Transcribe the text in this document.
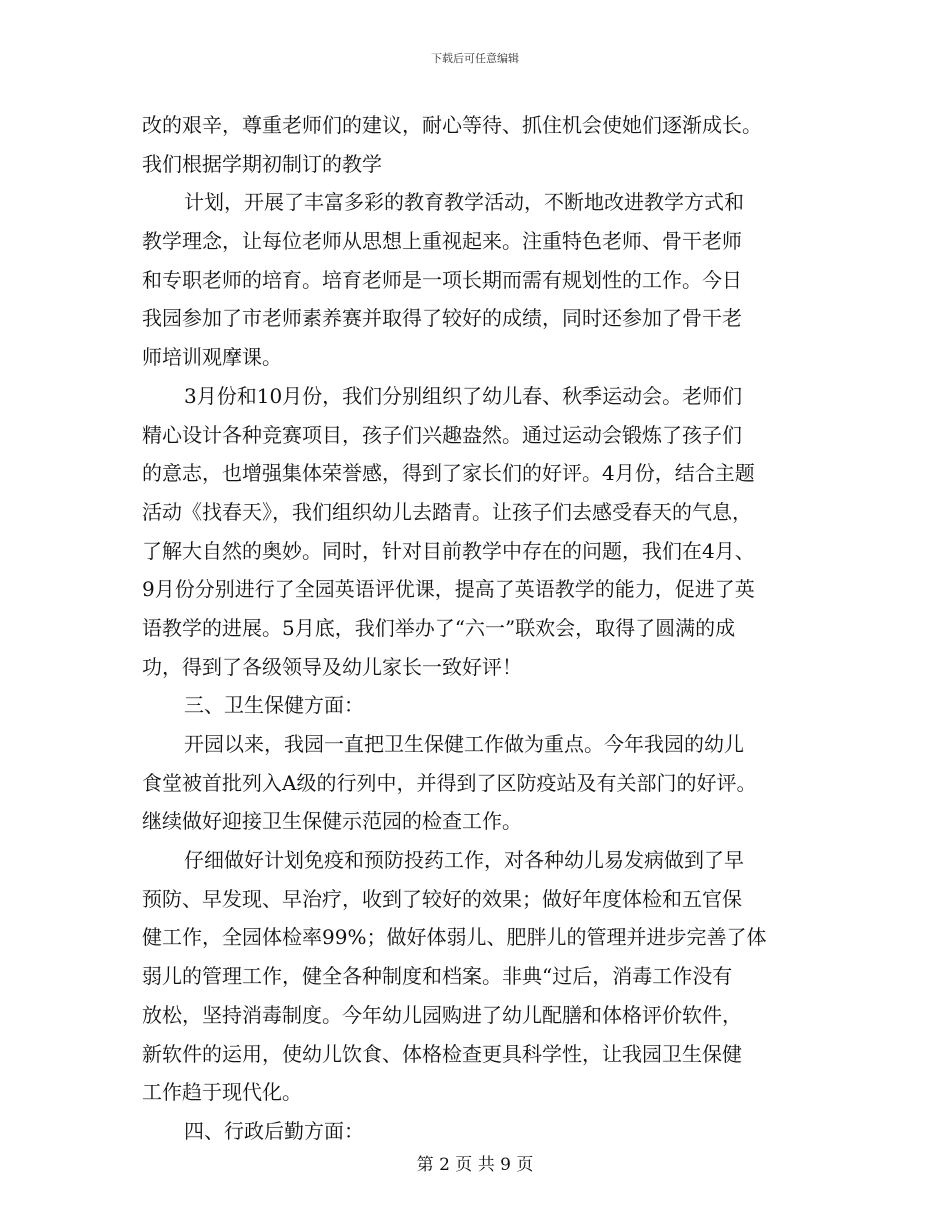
下载后可任意编辑
改的艰辛，尊重老师们的建议，耐心等待、抓住机会使她们逐渐成长。
我们根据学期初制订的教学
计划，开展了丰富多彩的教育教学活动，不断地改进教学方式和
教学理念，让每位老师从思想上重视起来。注重特色老师、骨干老师
和专职老师的培育。培育老师是一项长期而需有规划性的工作。今日
我园参加了市老师素养赛并取得了较好的成绩，同时还参加了骨干老
师培训观摩课。
3月份和10月份，我们分别组织了幼儿春、秋季运动会。老师们
精心设计各种竞赛项目，孩子们兴趣盎然。通过运动会锻炼了孩子们
的意志，也增强集体荣誉感，得到了家长们的好评。4月份，结合主题
活动《找春天》，我们组织幼儿去踏青。让孩子们去感受春天的气息，
了解大自然的奥妙。同时，针对目前教学中存在的问题，我们在4月、
9月份分别进行了全园英语评优课，提高了英语教学的能力，促进了英
语教学的进展。5月底，我们举办了“六一”联欢会，取得了圆满的成
功，得到了各级领导及幼儿家长一致好评！
三、卫生保健方面：
开园以来，我园一直把卫生保健工作做为重点。今年我园的幼儿
食堂被首批列入A级的行列中，并得到了区防疫站及有关部门的好评。
继续做好迎接卫生保健示范园的检查工作。
仔细做好计划免疫和预防投药工作，对各种幼儿易发病做到了早
预防、早发现、早治疗，收到了较好的效果；做好年度体检和五官保
健工作，全园体检率99%；做好体弱儿、肥胖儿的管理并进步完善了体
弱儿的管理工作，健全各种制度和档案。非典“过后，消毒工作没有
放松，坚持消毒制度。今年幼儿园购进了幼儿配膳和体格评价软件，
新软件的运用，使幼儿饮食、体格检查更具科学性，让我园卫生保健
工作趋于现代化。
四、行政后勤方面：
第 2 页 共 9 页
